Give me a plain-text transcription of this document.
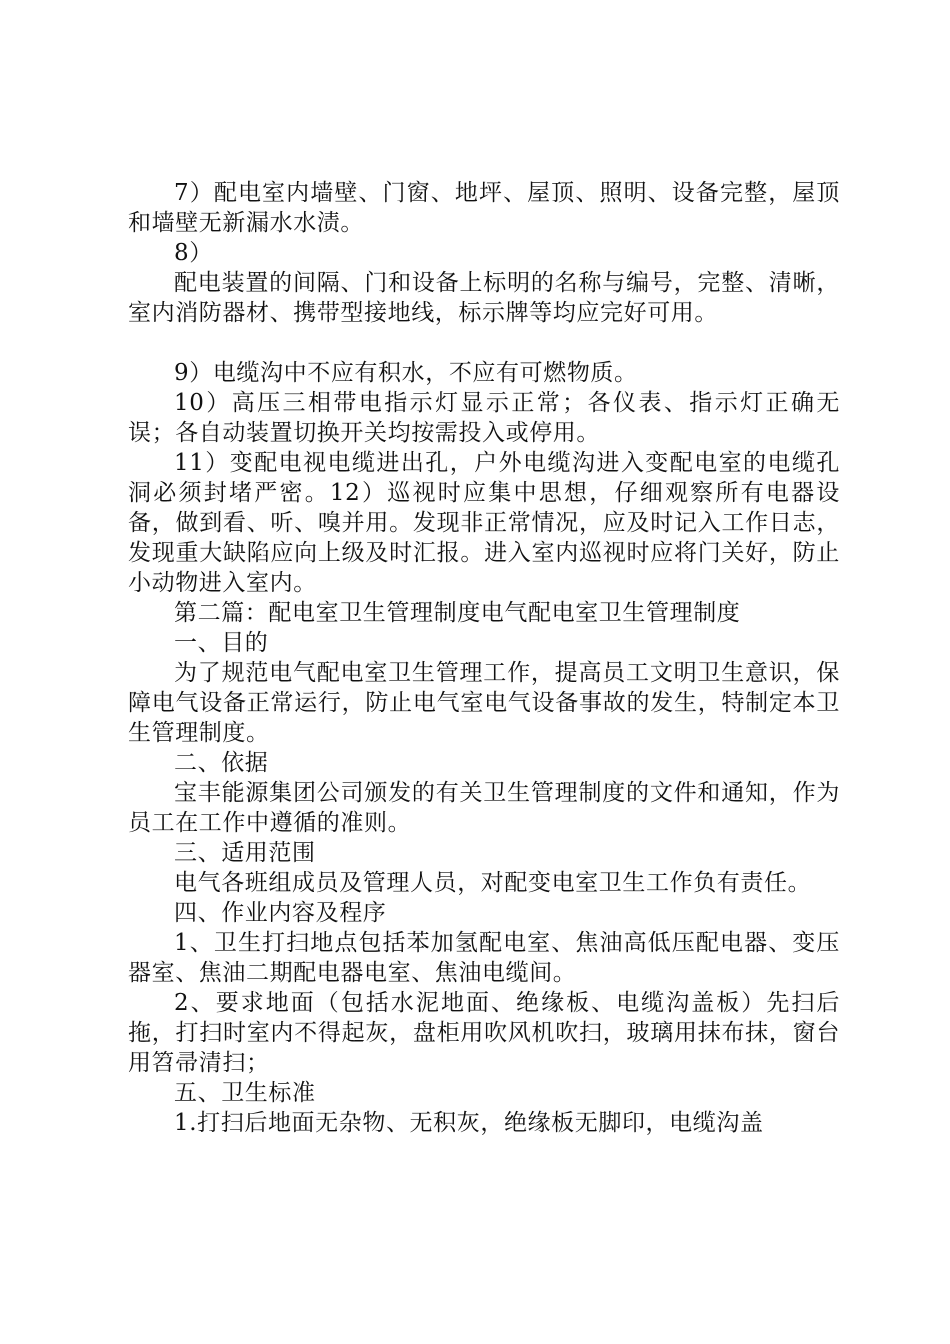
7）配电室内墙壁、门窗、地坪、屋顶、照明、设备完整，屋顶和墙壁无新漏水水渍。

8）

配电装置的间隔、门和设备上标明的名称与编号，完整、清晰，室内消防器材、携带型接地线，标示牌等均应完好可用。

9）电缆沟中不应有积水，不应有可燃物质。

10）高压三相带电指示灯显示正常；各仪表、指示灯正确无误；各自动装置切换开关均按需投入或停用。

11）变配电视电缆进出孔，户外电缆沟进入变配电室的电缆孔洞必须封堵严密。12）巡视时应集中思想，仔细观察所有电器设备，做到看、听、嗅并用。发现非正常情况，应及时记入工作日志，发现重大缺陷应向上级及时汇报。进入室内巡视时应将门关好，防止小动物进入室内。

第二篇：配电室卫生管理制度电气配电室卫生管理制度

一、目的

为了规范电气配电室卫生管理工作，提高员工文明卫生意识，保障电气设备正常运行，防止电气室电气设备事故的发生，特制定本卫生管理制度。

二、依据

宝丰能源集团公司颁发的有关卫生管理制度的文件和通知，作为员工在工作中遵循的准则。

三、适用范围

电气各班组成员及管理人员，对配变电室卫生工作负有责任。

四、作业内容及程序

1、卫生打扫地点包括苯加氢配电室、焦油高低压配电器、变压器室、焦油二期配电器电室、焦油电缆间。

2、要求地面（包括水泥地面、绝缘板、电缆沟盖板）先扫后拖，打扫时室内不得起灰，盘柜用吹风机吹扫，玻璃用抹布抹，窗台用笤帚清扫；

五、卫生标准

1.打扫后地面无杂物、无积灰，绝缘板无脚印，电缆沟盖
